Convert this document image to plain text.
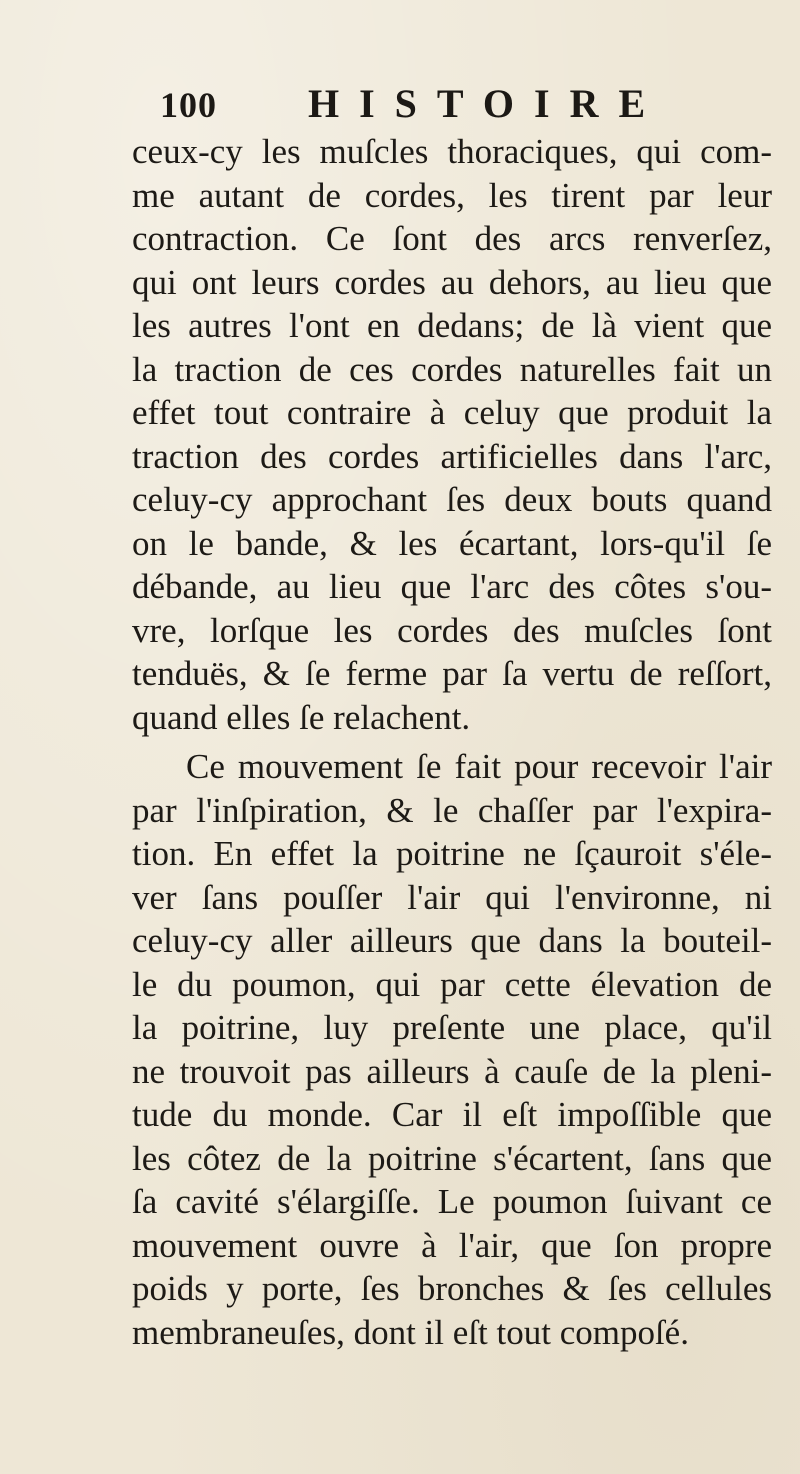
100 HISTOIRE
ceux-cy les muſcles thoraciques, qui com-
me autant de cordes, les tirent par leur
contraction. Ce ſont des arcs renverſez,
qui ont leurs cordes au dehors, au lieu que
les autres l'ont en dedans; de là vient que
la traction de ces cordes naturelles fait un
effet tout contraire à celuy que produit la
traction des cordes artificielles dans l'arc,
celuy-cy approchant ſes deux bouts quand
on le bande, & les écartant, lors-qu'il ſe
débande, au lieu que l'arc des côtes s'ou-
vre, lorſque les cordes des muſcles ſont
tenduës, & ſe ferme par ſa vertu de reſſort,
quand elles ſe relachent.
Ce mouvement ſe fait pour recevoir l'air
par l'inſpiration, & le chaſſer par l'expira-
tion. En effet la poitrine ne ſçauroit s'éle-
ver ſans pouſſer l'air qui l'environne, ni
celuy-cy aller ailleurs que dans la bouteil-
le du poumon, qui par cette élevation de
la poitrine, luy preſente une place, qu'il
ne trouvoit pas ailleurs à cauſe de la pleni-
tude du monde. Car il eſt impoſſible que
les côtez de la poitrine s'écartent, ſans que
ſa cavité s'élargiſſe. Le poumon ſuivant ce
mouvement ouvre à l'air, que ſon propre
poids y porte, ſes bronches & ſes cellules
membraneuſes, dont il eſt tout compoſé.
